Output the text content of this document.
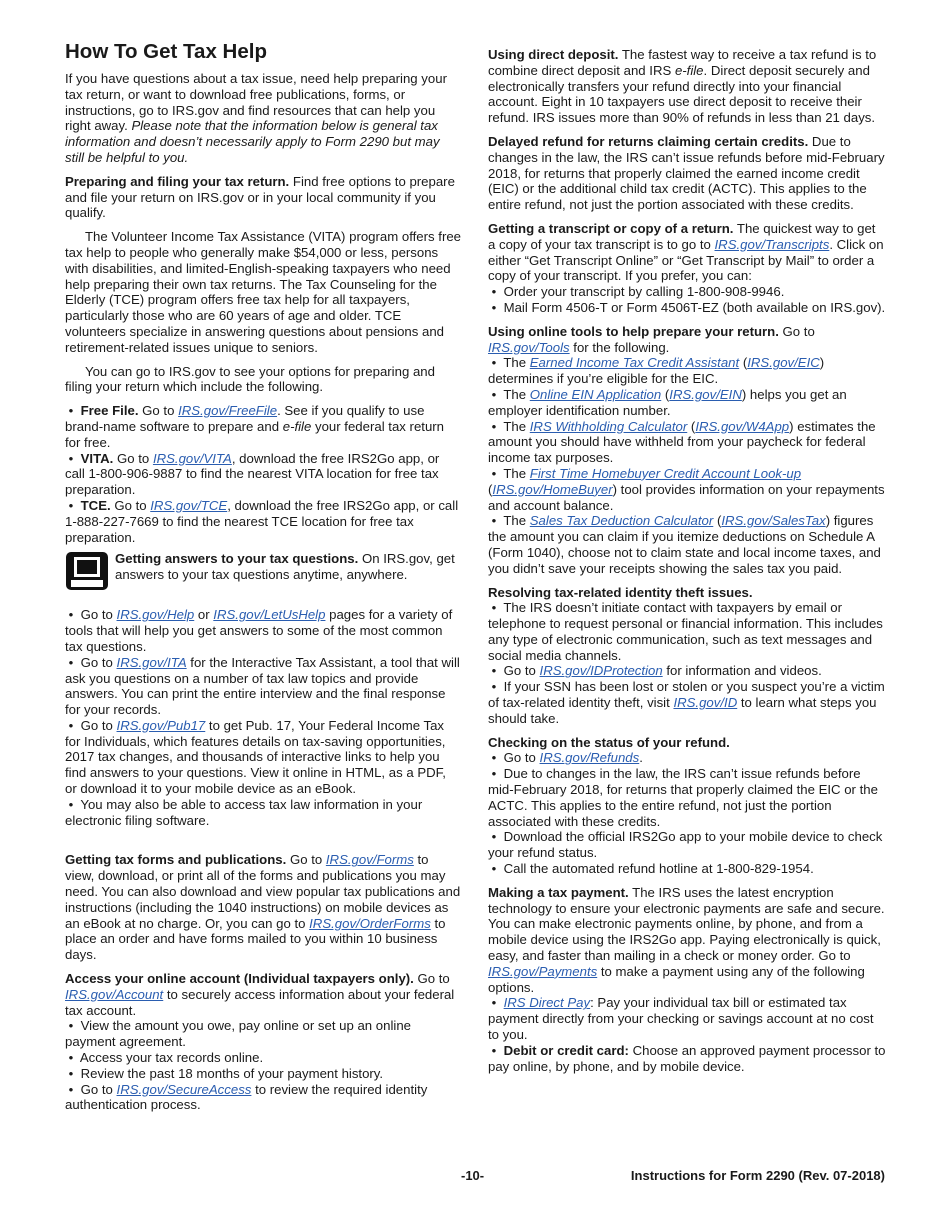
How To Get Tax Help

If you have questions about a tax issue, need help preparing your tax return, or want to download free publications, forms, or instructions, go to IRS.gov and find resources that can help you right away. Please note that the information below is general tax information and doesn’t necessarily apply to Form 2290 but may still be helpful to you.

Preparing and filing your tax return. Find free options to prepare and file your return on IRS.gov or in your local community if you qualify.

The Volunteer Income Tax Assistance (VITA) program offers free tax help to people who generally make $54,000 or less, persons with disabilities, and limited-English-speaking taxpayers who need help preparing their own tax returns. The Tax Counseling for the Elderly (TCE) program offers free tax help for all taxpayers, particularly those who are 60 years of age and older. TCE volunteers specialize in answering questions about pensions and retirement-related issues unique to seniors.

You can go to IRS.gov to see your options for preparing and filing your return which include the following.

•  Free File. Go to IRS.gov/FreeFile. See if you qualify to use brand-name software to prepare and e-file your federal tax return for free.
•  VITA. Go to IRS.gov/VITA, download the free IRS2Go app, or call 1-800-906-9887 to find the nearest VITA location for free tax preparation.
•  TCE. Go to IRS.gov/TCE, download the free IRS2Go app, or call 1-888-227-7669 to find the nearest TCE location for free tax preparation.

Getting answers to your tax questions. On IRS.gov, get answers to your tax questions anytime, anywhere.

•  Go to IRS.gov/Help or IRS.gov/LetUsHelp pages for a variety of tools that will help you get answers to some of the most common tax questions.
•  Go to IRS.gov/ITA for the Interactive Tax Assistant, a tool that will ask you questions on a number of tax law topics and provide answers. You can print the entire interview and the final response for your records.
•  Go to IRS.gov/Pub17 to get Pub. 17, Your Federal Income Tax for Individuals, which features details on tax-saving opportunities, 2017 tax changes, and thousands of interactive links to help you find answers to your questions. View it online in HTML, as a PDF, or download it to your mobile device as an eBook.
•  You may also be able to access tax law information in your electronic filing software.

Getting tax forms and publications. Go to IRS.gov/Forms to view, download, or print all of the forms and publications you may need. You can also download and view popular tax publications and instructions (including the 1040 instructions) on mobile devices as an eBook at no charge. Or, you can go to IRS.gov/OrderForms to place an order and have forms mailed to you within 10 business days.

Access your online account (Individual taxpayers only). Go to IRS.gov/Account to securely access information about your federal tax account.

•  View the amount you owe, pay online or set up an online payment agreement.
•  Access your tax records online.
•  Review the past 18 months of your payment history.
•  Go to IRS.gov/SecureAccess to review the required identity authentication process.

Using direct deposit. The fastest way to receive a tax refund is to combine direct deposit and IRS e-file. Direct deposit securely and electronically transfers your refund directly into your financial account. Eight in 10 taxpayers use direct deposit to receive their refund. IRS issues more than 90% of refunds in less than 21 days.

Delayed refund for returns claiming certain credits. Due to changes in the law, the IRS can’t issue refunds before mid-February 2018, for returns that properly claimed the earned income credit (EIC) or the additional child tax credit (ACTC). This applies to the entire refund, not just the portion associated with these credits.

Getting a transcript or copy of a return. The quickest way to get a copy of your tax transcript is to go to IRS.gov/Transcripts. Click on either “Get Transcript Online” or “Get Transcript by Mail” to order a copy of your transcript. If you prefer, you can:

•  Order your transcript by calling 1-800-908-9946.
•  Mail Form 4506-T or Form 4506T-EZ (both available on IRS.gov).

Using online tools to help prepare your return. Go to IRS.gov/Tools for the following.

•  The Earned Income Tax Credit Assistant (IRS.gov/EIC) determines if you’re eligible for the EIC.
•  The Online EIN Application (IRS.gov/EIN) helps you get an employer identification number.
•  The IRS Withholding Calculator (IRS.gov/W4App) estimates the amount you should have withheld from your paycheck for federal income tax purposes.
•  The First Time Homebuyer Credit Account Look-up (IRS.gov/HomeBuyer) tool provides information on your repayments and account balance.
•  The Sales Tax Deduction Calculator (IRS.gov/SalesTax) figures the amount you can claim if you itemize deductions on Schedule A (Form 1040), choose not to claim state and local income taxes, and you didn’t save your receipts showing the sales tax you paid.

Resolving tax-related identity theft issues.

•  The IRS doesn’t initiate contact with taxpayers by email or telephone to request personal or financial information. This includes any type of electronic communication, such as text messages and social media channels.
•  Go to IRS.gov/IDProtection for information and videos.
•  If your SSN has been lost or stolen or you suspect you’re a victim of tax-related identity theft, visit IRS.gov/ID to learn what steps you should take.

Checking on the status of your refund.

•  Go to IRS.gov/Refunds.
•  Due to changes in the law, the IRS can’t issue refunds before mid-February 2018, for returns that properly claimed the EIC or the ACTC. This applies to the entire refund, not just the portion associated with these credits.
•  Download the official IRS2Go app to your mobile device to check your refund status.
•  Call the automated refund hotline at 1-800-829-1954.

Making a tax payment. The IRS uses the latest encryption technology to ensure your electronic payments are safe and secure. You can make electronic payments online, by phone, and from a mobile device using the IRS2Go app. Paying electronically is quick, easy, and faster than mailing in a check or money order. Go to IRS.gov/Payments to make a payment using any of the following options.

•  IRS Direct Pay: Pay your individual tax bill or estimated tax payment directly from your checking or savings account at no cost to you.
•  Debit or credit card: Choose an approved payment processor to pay online, by phone, and by mobile device.
-10-	Instructions for Form 2290 (Rev. 07-2018)
